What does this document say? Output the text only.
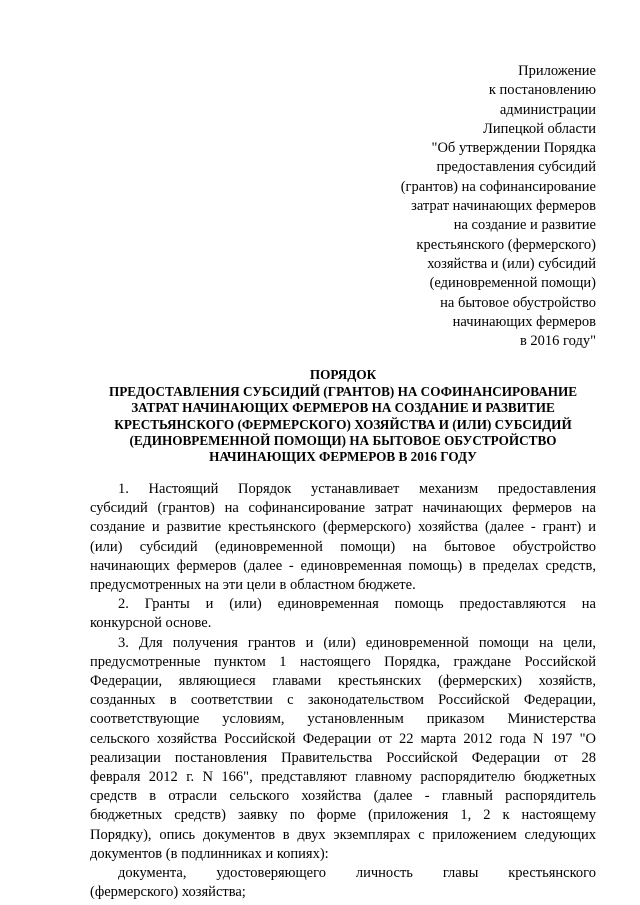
Приложение
к постановлению
администрации
Липецкой области
"Об утверждении Порядка
предоставления субсидий
(грантов) на софинансирование
затрат начинающих фермеров
на создание и развитие
крестьянского (фермерского)
хозяйства и (или) субсидий
(единовременной помощи)
на бытовое обустройство
начинающих фермеров
в 2016 году"
ПОРЯДОК
ПРЕДОСТАВЛЕНИЯ СУБСИДИЙ (ГРАНТОВ) НА СОФИНАНСИРОВАНИЕ
ЗАТРАТ НАЧИНАЮЩИХ ФЕРМЕРОВ НА СОЗДАНИЕ И РАЗВИТИЕ
КРЕСТЬЯНСКОГО (ФЕРМЕРСКОГО) ХОЗЯЙСТВА И (ИЛИ) СУБСИДИЙ
(ЕДИНОВРЕМЕННОЙ ПОМОЩИ) НА БЫТОВОЕ ОБУСТРОЙСТВО
НАЧИНАЮЩИХ ФЕРМЕРОВ В 2016 ГОДУ

1. Настоящий Порядок устанавливает механизм предоставления
субсидий (грантов) на софинансирование затрат начинающих фермеров на
создание и развитие крестьянского (фермерского) хозяйства (далее - грант) и
(или) субсидий (единовременной помощи) на бытовое обустройство
начинающих фермеров (далее - единовременная помощь) в пределах средств,
предусмотренных на эти цели в областном бюджете.

2. Гранты и (или) единовременная помощь предоставляются на
конкурсной основе.

3. Для получения грантов и (или) единовременной помощи на цели,
предусмотренные пунктом 1 настоящего Порядка, граждане Российской
Федерации, являющиеся главами крестьянских (фермерских) хозяйств,
созданных в соответствии с законодательством Российской Федерации,
соответствующие условиям, установленным приказом Министерства
сельского хозяйства Российской Федерации от 22 марта 2012 года N 197 "О
реализации постановления Правительства Российской Федерации от 28
февраля 2012 г. N 166", представляют главному распорядителю бюджетных
средств в отрасли сельского хозяйства (далее - главный распорядитель
бюджетных средств) заявку по форме (приложения 1, 2 к настоящему
Порядку), опись документов в двух экземплярах с приложением следующих
документов (в подлинниках и копиях):

документа, удостоверяющего личность главы крестьянского
(фермерского) хозяйства;
